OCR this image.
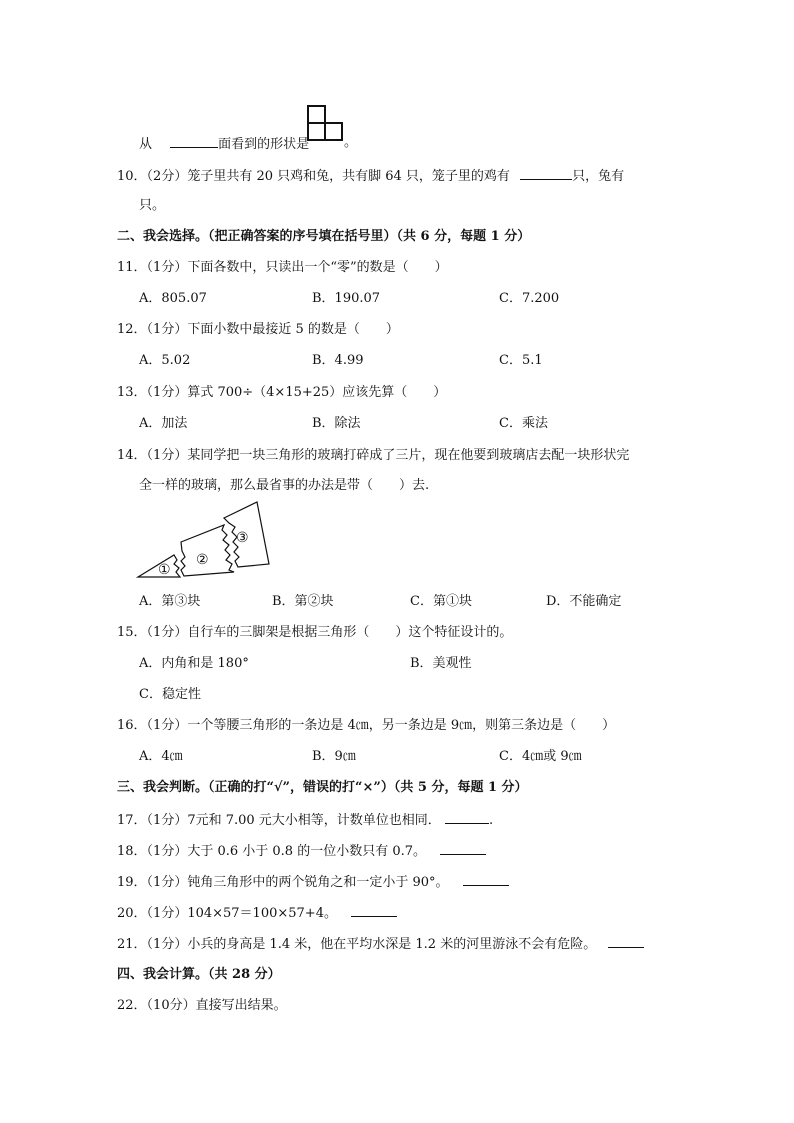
从	面看到的形状是	。
10．（2分）笼子里共有 20 只鸡和兔，共有脚 64 只，笼子里的鸡有	只，兔有
只。
二、我会选择。（把正确答案的序号填在括号里）（共 6 分，每题 1 分）
11．（1分）下面各数中，只读出一个“零”的数是（　　）
A．805.07	B．190.07	C．7.200
12．（1分）下面小数中最接近 5 的数是（　　）
A．5.02	B．4.99	C．5.1
13．（1分）算式 700÷（4×15+25）应该先算（　　）
A．加法	B．除法	C．乘法
14．（1分）某同学把一块三角形的玻璃打碎成了三片，现在他要到玻璃店去配一块形状完
全一样的玻璃，那么最省事的办法是带（　　）去.
①
②
③
A．第③块	B．第②块	C．第①块	D．不能确定
15．（1分）自行车的三脚架是根据三角形（　　）这个特征设计的。
A．内角和是 180°	B．美观性
C．稳定性
16．（1分）一个等腰三角形的一条边是 4㎝，另一条边是 9㎝，则第三条边是（　　）
A．4㎝	B．9㎝	C．4㎝或 9㎝
三、我会判断。（正确的打“√”，错误的打“×”）（共 5 分，每题 1 分）
17．（1分）7元和 7.00 元大小相等，计数单位也相同．	.
18．（1分）大于 0.6 小于 0.8 的一位小数只有 0.7。
19．（1分）钝角三角形中的两个锐角之和一定小于 90°。
20．（1分）104×57＝100×57+4。
21．（1分）小兵的身高是 1.4 米，他在平均水深是 1.2 米的河里游泳不会有危险。
四、我会计算。（共 28 分）
22．（10分）直接写出结果。
